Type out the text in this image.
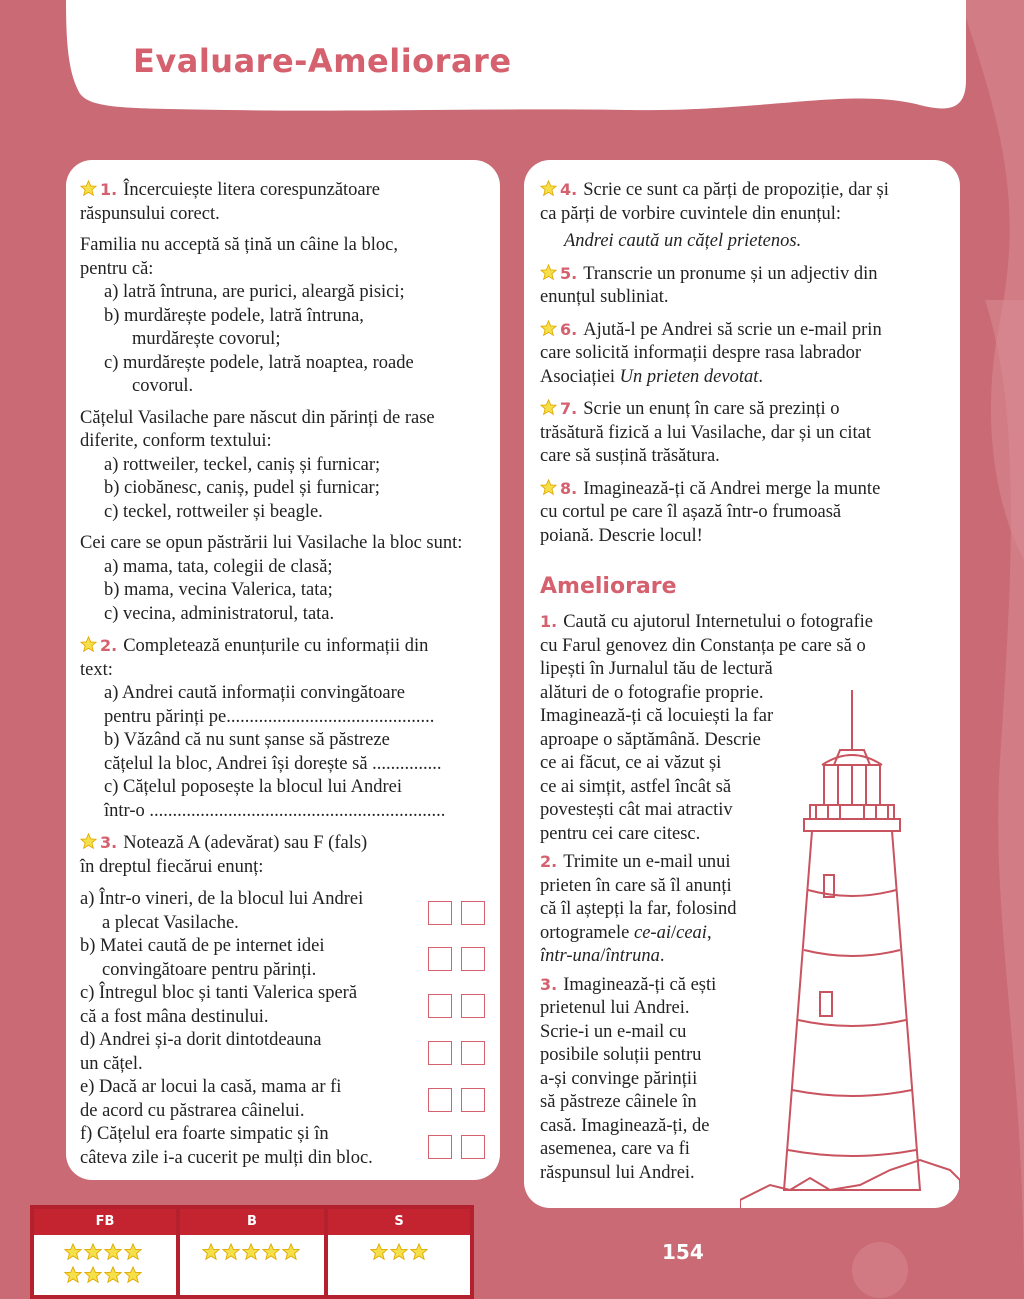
Evaluare-Ameliorare

1. Încercuiește litera corespunzătoare

răspunsului corect.

Familia nu acceptă să țină un câine la bloc,

pentru că:

a) latră întruna, are purici, aleargă pisici;

b) murdărește podele, latră întruna,

murdărește covorul;

c) murdărește podele, latră noaptea, roade

covorul.

Cățelul Vasilache pare născut din părinți de rase

diferite, conform textului:

a) rottweiler, teckel, caniș și furnicar;

b) ciobănesc, caniș, pudel și furnicar;

c) teckel, rottweiler și beagle.

Cei care se opun păstrării lui Vasilache la bloc sunt:

a) mama, tata, colegii de clasă;

b) mama, vecina Valerica, tata;

c) vecina, administratorul, tata.

2. Completează enunțurile cu informații din

text:

a) Andrei caută informații convingătoare

pentru părinți pe.............................................

b) Văzând că nu sunt șanse să păstreze

cățelul la bloc, Andrei își dorește să ...............

c) Cățelul poposește la blocul lui Andrei

într-o ................................................................

3. Notează A (adevărat) sau F (fals)

în dreptul fiecărui enunț:

a) Într-o vineri, de la blocul lui Andrei

a plecat Vasilache.

b) Matei caută de pe internet idei

convingătoare pentru părinți.

c) Întregul bloc și tanti Valerica speră

că a fost mâna destinului.

d) Andrei și-a dorit dintotdeauna

un cățel.

e) Dacă ar locui la casă, mama ar fi

de acord cu păstrarea câinelui.

f) Cățelul era foarte simpatic și în

câteva zile i-a cucerit pe mulți din bloc.

4. Scrie ce sunt ca părți de propoziție, dar și

ca părți de vorbire cuvintele din enunțul:

Andrei caută un cățel prietenos.

5. Transcrie un pronume și un adjectiv din

enunțul subliniat.

6. Ajută-l pe Andrei să scrie un e-mail prin

care solicită informații despre rasa labrador

Asociației Un prieten devotat.

7. Scrie un enunț în care să prezinți o

trăsătură fizică a lui Vasilache, dar și un citat

care să susțină trăsătura.

8. Imaginează-ți că Andrei merge la munte

cu cortul pe care îl așază într-o frumoasă

poiană. Descrie locul!

Ameliorare

1. Caută cu ajutorul Internetului o fotografie

cu Farul genovez din Constanța pe care să o

lipești în Jurnalul tău de lectură

alături de o fotografie proprie.

Imaginează-ți că locuiești la far

aproape o săptămână. Descrie

ce ai făcut, ce ai văzut și

ce ai simțit, astfel încât să

povestești cât mai atractiv

pentru cei care citesc.

2. Trimite un e-mail unui

prieten în care să îl anunți

că îl aștepți la far, folosind

ortogramele ce-ai/ceai,

într-una/întruna.

3. Imaginează-ți că ești

prietenul lui Andrei.

Scrie-i un e-mail cu

posibile soluții pentru

a-și convinge părinții

să păstreze câinele în

casă. Imaginează-ți, de

asemenea, care va fi

răspunsul lui Andrei.

FB	B	S
154
